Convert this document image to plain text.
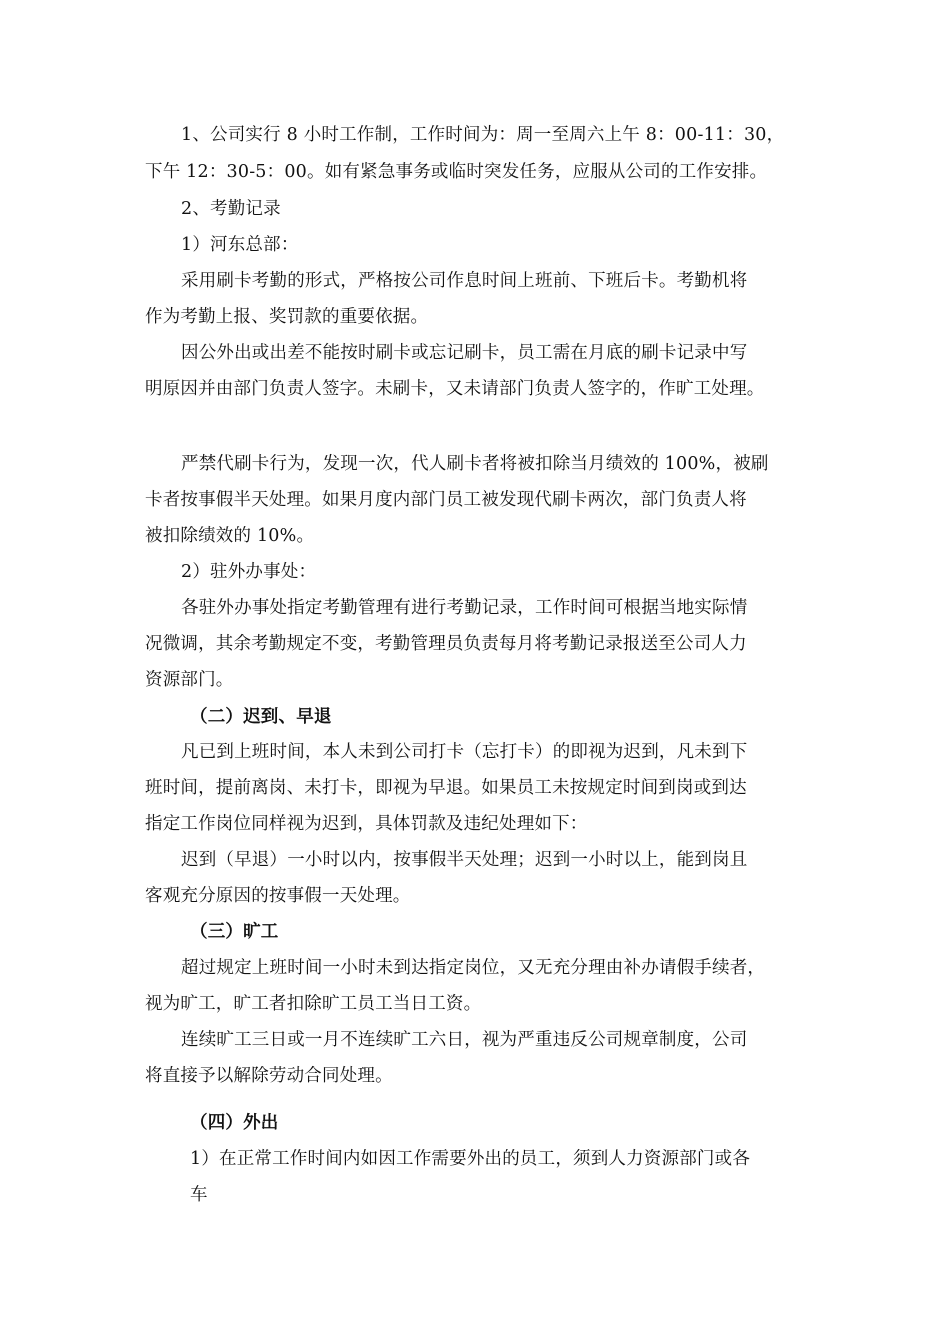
1、公司实行 8 小时工作制，工作时间为：周一至周六上午 8：00-11：30，
下午 12：30-5：00。如有紧急事务或临时突发任务，应服从公司的工作安排。
2、考勤记录
1）河东总部：
采用刷卡考勤的形式，严格按公司作息时间上班前、下班后卡。考勤机将
作为考勤上报、奖罚款的重要依据。
因公外出或出差不能按时刷卡或忘记刷卡，员工需在月底的刷卡记录中写
明原因并由部门负责人签字。未刷卡，又未请部门负责人签字的，作旷工处理。
严禁代刷卡行为，发现一次，代人刷卡者将被扣除当月绩效的 100%，被刷
卡者按事假半天处理。如果月度内部门员工被发现代刷卡两次，部门负责人将
被扣除绩效的 10%。
2）驻外办事处：
各驻外办事处指定考勤管理有进行考勤记录，工作时间可根据当地实际情
况微调，其余考勤规定不变，考勤管理员负责每月将考勤记录报送至公司人力
资源部门。
（二）迟到、早退
凡已到上班时间，本人未到公司打卡（忘打卡）的即视为迟到，凡未到下
班时间，提前离岗、未打卡，即视为早退。如果员工未按规定时间到岗或到达
指定工作岗位同样视为迟到，具体罚款及违纪处理如下：
迟到（早退）一小时以内，按事假半天处理；迟到一小时以上，能到岗且
客观充分原因的按事假一天处理。
（三）旷工
超过规定上班时间一小时未到达指定岗位，又无充分理由补办请假手续者，
视为旷工，旷工者扣除旷工员工当日工资。
连续旷工三日或一月不连续旷工六日，视为严重违反公司规章制度，公司
将直接予以解除劳动合同处理。
（四）外出
1）在正常工作时间内如因工作需要外出的员工，须到人力资源部门或各
车
